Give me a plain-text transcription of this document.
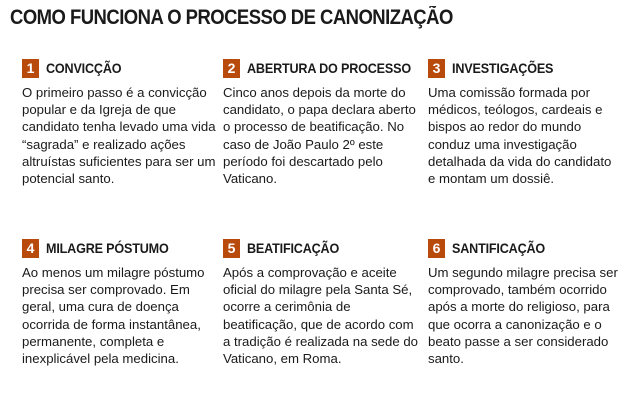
COMO FUNCIONA O PROCESSO DE CANONIZAÇÃO
1 CONVICÇÃO
O primeiro passo é a convicção popular e da Igreja de que candidato tenha levado uma vida “sagrada” e realizado ações altruístas suficientes para ser um potencial santo.
2 ABERTURA DO PROCESSO
Cinco anos depois da morte do candidato, o papa declara aberto o processo de beatificação. No caso de João Paulo 2º este período foi descartado pelo Vaticano.
3 INVESTIGAÇÕES
Uma comissão formada por médicos, teólogos, cardeais e bispos ao redor do mundo conduz uma investigação detalhada da vida do candidato e montam um dossiê.
4 MILAGRE PÓSTUMO
Ao menos um milagre póstumo precisa ser comprovado. Em geral, uma cura de doença ocorrida de forma instantânea, permanente, completa e inexplicável pela medicina.
5 BEATIFICAÇÃO
Após a comprovação e aceite oficial do milagre pela Santa Sé, ocorre a cerimônia de beatificação, que de acordo com a tradição é realizada na sede do Vaticano, em Roma.
6 SANTIFICAÇÃO
Um segundo milagre precisa ser comprovado, também ocorrido após a morte do religioso, para que ocorra a canonização e o beato passe a ser considerado santo.
